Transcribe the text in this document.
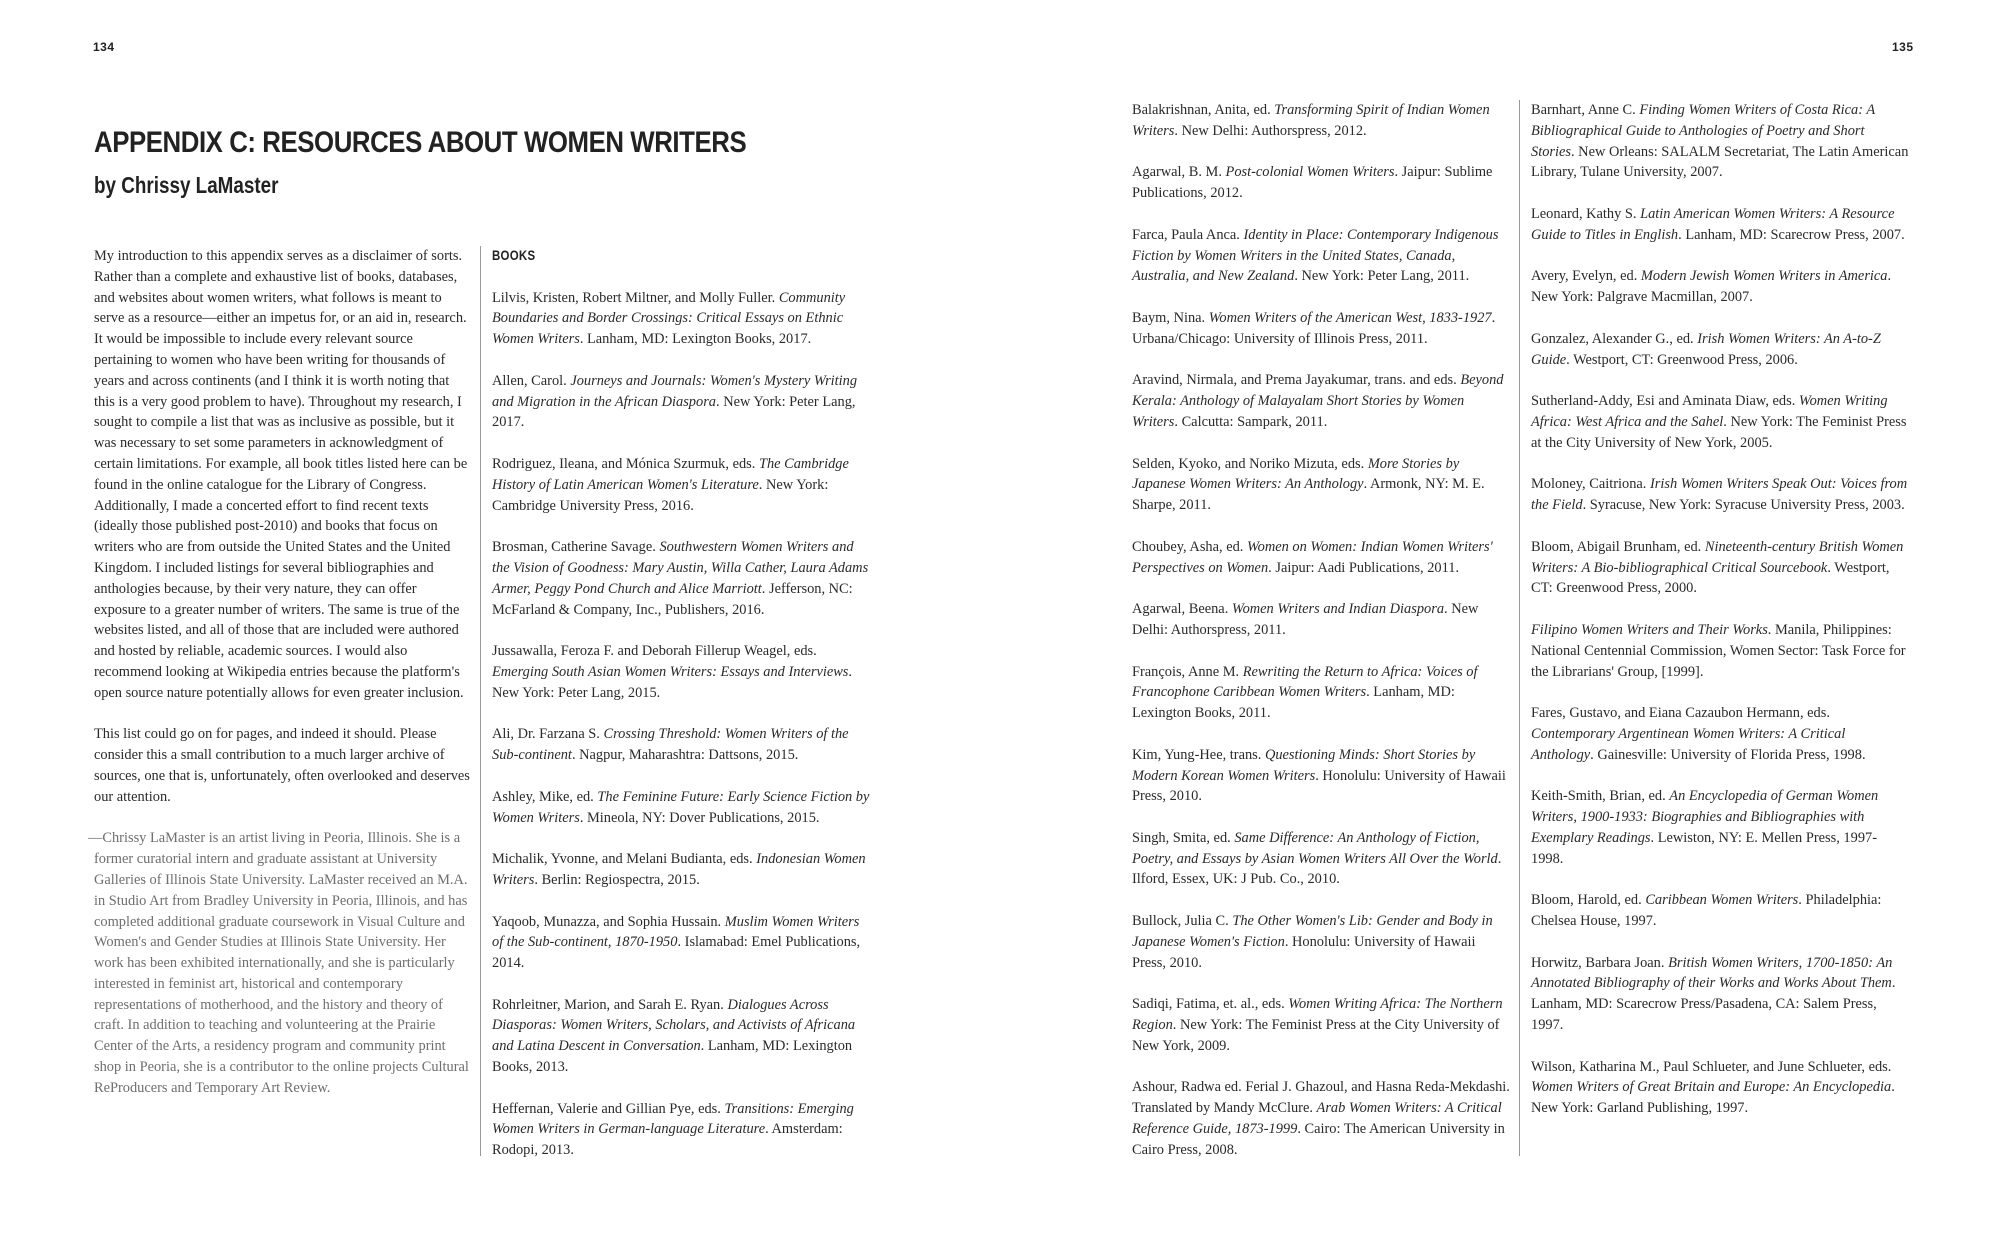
134	135
APPENDIX C: RESOURCES ABOUT WOMEN WRITERS
by Chrissy LaMaster

My introduction to this appendix serves as a disclaimer of sorts. Rather than a complete and exhaustive list of books, databases, and websites about women writers, what follows is meant to serve as a resource—either an impetus for, or an aid in, research. It would be impossible to include every relevant source pertaining to women who have been writing for thousands of years and across continents (and I think it is worth noting that this is a very good problem to have). Throughout my research, I sought to compile a list that was as inclusive as possible, but it was necessary to set some parameters in acknowledgment of certain limitations. For example, all book titles listed here can be found in the online catalogue for the Library of Congress. Additionally, I made a concerted effort to find recent texts (ideally those published post-2010) and books that focus on writers who are from outside the United States and the United Kingdom. I included listings for several bibliographies and anthologies because, by their very nature, they can offer exposure to a greater number of writers. The same is true of the websites listed, and all of those that are included were authored and hosted by reliable, academic sources. I would also recommend looking at Wikipedia entries because the platform's open source nature potentially allows for even greater inclusion.

This list could go on for pages, and indeed it should. Please consider this a small contribution to a much larger archive of sources, one that is, unfortunately, often overlooked and deserves our attention.

—Chrissy LaMaster is an artist living in Peoria, Illinois. She is a former curatorial intern and graduate assistant at University Galleries of Illinois State University. LaMaster received an M.A. in Studio Art from Bradley University in Peoria, Illinois, and has completed additional graduate coursework in Visual Culture and Women's and Gender Studies at Illinois State University. Her work has been exhibited internationally, and she is particularly interested in feminist art, historical and contemporary representations of motherhood, and the history and theory of craft. In addition to teaching and volunteering at the Prairie Center of the Arts, a residency program and community print shop in Peoria, she is a contributor to the online projects Cultural ReProducers and Temporary Art Review.

BOOKS

Lilvis, Kristen, Robert Miltner, and Molly Fuller. Community Boundaries and Border Crossings: Critical Essays on Ethnic Women Writers. Lanham, MD: Lexington Books, 2017.

Allen, Carol. Journeys and Journals: Women's Mystery Writing and Migration in the African Diaspora. New York: Peter Lang, 2017.

Rodriguez, Ileana, and Mónica Szurmuk, eds. The Cambridge History of Latin American Women's Literature. New York: Cambridge University Press, 2016.

Brosman, Catherine Savage. Southwestern Women Writers and the Vision of Goodness: Mary Austin, Willa Cather, Laura Adams Armer, Peggy Pond Church and Alice Marriott. Jefferson, NC: McFarland & Company, Inc., Publishers, 2016.

Jussawalla, Feroza F. and Deborah Fillerup Weagel, eds. Emerging South Asian Women Writers: Essays and Interviews. New York: Peter Lang, 2015.

Ali, Dr. Farzana S. Crossing Threshold: Women Writers of the Sub-continent. Nagpur, Maharashtra: Dattsons, 2015.

Ashley, Mike, ed. The Feminine Future: Early Science Fiction by Women Writers. Mineola, NY: Dover Publications, 2015.

Michalik, Yvonne, and Melani Budianta, eds. Indonesian Women Writers. Berlin: Regiospectra, 2015.

Yaqoob, Munazza, and Sophia Hussain. Muslim Women Writers of the Sub-continent, 1870-1950. Islamabad: Emel Publications, 2014.

Rohrleitner, Marion, and Sarah E. Ryan. Dialogues Across Diasporas: Women Writers, Scholars, and Activists of Africana and Latina Descent in Conversation. Lanham, MD: Lexington Books, 2013.

Heffernan, Valerie and Gillian Pye, eds. Transitions: Emerging Women Writers in German-language Literature. Amsterdam: Rodopi, 2013.

Balakrishnan, Anita, ed. Transforming Spirit of Indian Women Writers. New Delhi: Authorspress, 2012.

Agarwal, B. M. Post-colonial Women Writers. Jaipur: Sublime Publications, 2012.

Farca, Paula Anca. Identity in Place: Contemporary Indigenous Fiction by Women Writers in the United States, Canada, Australia, and New Zealand. New York: Peter Lang, 2011.

Baym, Nina. Women Writers of the American West, 1833-1927. Urbana/Chicago: University of Illinois Press, 2011.

Aravind, Nirmala, and Prema Jayakumar, trans. and eds. Beyond Kerala: Anthology of Malayalam Short Stories by Women Writers. Calcutta: Sampark, 2011.

Selden, Kyoko, and Noriko Mizuta, eds. More Stories by Japanese Women Writers: An Anthology. Armonk, NY: M. E. Sharpe, 2011.

Choubey, Asha, ed. Women on Women: Indian Women Writers' Perspectives on Women. Jaipur: Aadi Publications, 2011.

Agarwal, Beena. Women Writers and Indian Diaspora. New Delhi: Authorspress, 2011.

François, Anne M. Rewriting the Return to Africa: Voices of Francophone Caribbean Women Writers. Lanham, MD: Lexington Books, 2011.

Kim, Yung-Hee, trans. Questioning Minds: Short Stories by Modern Korean Women Writers. Honolulu: University of Hawaii Press, 2010.

Singh, Smita, ed. Same Difference: An Anthology of Fiction, Poetry, and Essays by Asian Women Writers All Over the World. Ilford, Essex, UK: J Pub. Co., 2010.

Bullock, Julia C. The Other Women's Lib: Gender and Body in Japanese Women's Fiction. Honolulu: University of Hawaii Press, 2010.

Sadiqi, Fatima, et. al., eds. Women Writing Africa: The Northern Region. New York: The Feminist Press at the City University of New York, 2009.

Ashour, Radwa ed. Ferial J. Ghazoul, and Hasna Reda-Mekdashi. Translated by Mandy McClure. Arab Women Writers: A Critical Reference Guide, 1873-1999. Cairo: The American University in Cairo Press, 2008.

Barnhart, Anne C. Finding Women Writers of Costa Rica: A Bibliographical Guide to Anthologies of Poetry and Short Stories. New Orleans: SALALM Secretariat, The Latin American Library, Tulane University, 2007.

Leonard, Kathy S. Latin American Women Writers: A Resource Guide to Titles in English. Lanham, MD: Scarecrow Press, 2007.

Avery, Evelyn, ed. Modern Jewish Women Writers in America. New York: Palgrave Macmillan, 2007.

Gonzalez, Alexander G., ed. Irish Women Writers: An A-to-Z Guide. Westport, CT: Greenwood Press, 2006.

Sutherland-Addy, Esi and Aminata Diaw, eds. Women Writing Africa: West Africa and the Sahel. New York: The Feminist Press at the City University of New York, 2005.

Moloney, Caitriona. Irish Women Writers Speak Out: Voices from the Field. Syracuse, New York: Syracuse University Press, 2003.

Bloom, Abigail Brunham, ed. Nineteenth-century British Women Writers: A Bio-bibliographical Critical Sourcebook. Westport, CT: Greenwood Press, 2000.

Filipino Women Writers and Their Works. Manila, Philippines: National Centennial Commission, Women Sector: Task Force for the Librarians' Group, [1999].

Fares, Gustavo, and Eiana Cazaubon Hermann, eds. Contemporary Argentinean Women Writers: A Critical Anthology. Gainesville: University of Florida Press, 1998.

Keith-Smith, Brian, ed. An Encyclopedia of German Women Writers, 1900-1933: Biographies and Bibliographies with Exemplary Readings. Lewiston, NY: E. Mellen Press, 1997-1998.

Bloom, Harold, ed. Caribbean Women Writers. Philadelphia: Chelsea House, 1997.

Horwitz, Barbara Joan. British Women Writers, 1700-1850: An Annotated Bibliography of their Works and Works About Them. Lanham, MD: Scarecrow Press/Pasadena, CA: Salem Press, 1997.

Wilson, Katharina M., Paul Schlueter, and June Schlueter, eds. Women Writers of Great Britain and Europe: An Encyclopedia. New York: Garland Publishing, 1997.
